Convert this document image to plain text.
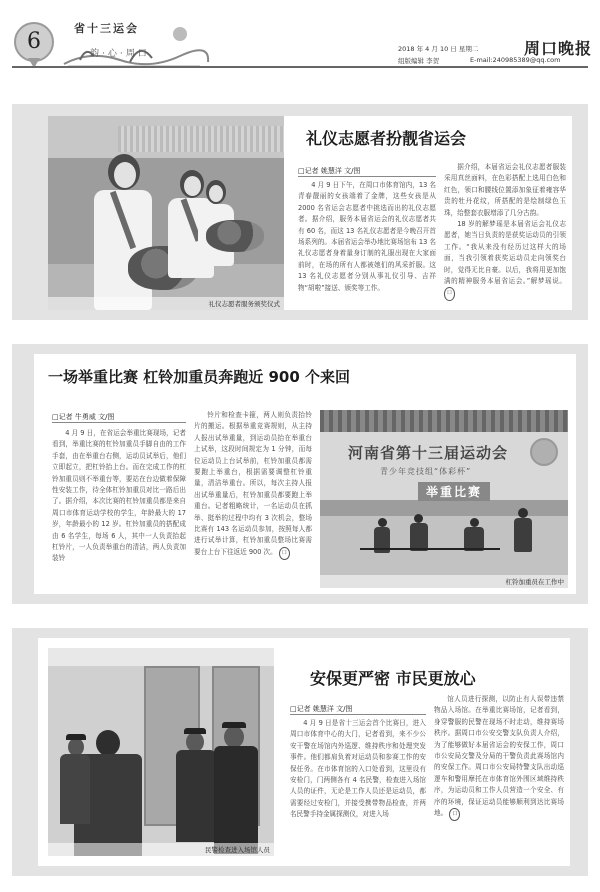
6
省十三运会
韵·心·周口	2018 年 4 月 10 日 星期二
组版编辑 李贺
周口晚报
E-mail:2409853​89@qq.com
礼仪志愿者服务颁奖仪式
礼仪志愿者扮靓省运会
□记者 姚慧洋 文/图

4 月 9 日下午，在周口市体育馆内，13 名青春靓丽的女孩端着了金牌，这些女孩是从 2000 名省运会志愿者中挑选而出的礼仪志愿者。据介绍，服务本届省运会的礼仪志愿者共有 60 名，而这 13 名礼仪志愿者是今晚召开首场系列的。本届省运会举办地比赛场馆布 13 名礼仪志愿者身着量身订制的礼服出现在大家面前时，在场的所有人都被她们的风采折服。这 13 名礼仪志愿者分别从事礼仪引导、吉祥物“胡啦”接送、颁奖等工作。

据介绍，本届省运会礼仪志愿者服装采用真丝面料，在色彩搭配上选用白色和红色，领口和腰线位置添加象征着雍容华贵的牡丹花纹，所搭配的是绘制绿色玉珠，给整套衣服增添了几分古韵。

18 岁的解梦瑶是本届省运会礼仪志愿者，她当日负责的是获奖运动员的引领工作。“我从来没有经历过这样大的场面，当我引领着获奖运动员走向领奖台时，觉得无比自豪。以后，我将用更加饱满的精神服务本届省运会。”解梦瑶说。 口

一场举重比赛 杠铃加重员奔跑近 900 个来回
□记者 牛勇威 文/图

4 月 9 日，在省运会举重比赛现场，记者看到，举重比赛的杠铃加重员手脚自由的工作手套，由在举重台右侧，运动员试举后，他们立即起立，把杠铃抬上台。而在完成工作的杠铃加重员则不举重台等，要站在台边做着保障性安装工作，待全体杠铃加重员对比一路后出了。据介绍，本次比赛的杠铃加重员都是来自周口市体育运动学校的学生，年龄最大的 17 岁，年龄最小的 12 岁。杠铃加重员的搭配成由 6 名学生，每场 6 人，其中一人负责抬起杠铃片，一人负责举重台的清洁，两人负责加装铃

铃片和检查卡箍，两人则负责抬铃片的搬运。根据举重竞赛规则，从主持人报出试举重量，到运动员抬在举重台上试举，这段时间规定为 1 分钟，而每位运动员上台试举前，杠铃加重员都需要跑上举重台，根据需要调整杠铃重量，清洁举重台。所以，每次主持人报出试举重量后，杠铃加重员都要跑上举重台。记者粗略统计，一名运动员在抓举、挺举的过程中均有 3 次机会，整场比赛有 143 名运动员参加，按照每人都进行试举计算，杠铃加重员整场比赛需要台上台下往返近 900 次。 口

河南省第十三届运动会
青少年竞技组“体彩杯”
举重比赛
杠铃加重员在工作中
民警检查进入场馆人员
安保更严密 市民更放心
□记者 姚慧洋 文/图

4 月 9 日是省十三运会首个比赛日，进入周口市体育中心的大门，记者看到，来不少公安干警在场馆内外巡逻、维持秩序和处理突发事件。他们都肩负着对运动员和参赛工作的安保任务。在市体育馆的入口处看到，这里设有安检门，门两侧各有 4 名民警，检查进入场馆人员的证件，无论是工作人员还是运动员，都需要经过安检门，并接受携带物品检查，并两名民警手持金属探测仪，对进入场

馆人员进行探测，以防止有人误带违禁物品入场馆。在举重比赛场馆，记者看到，身穿警服的民警在现场不时走动，维持赛场秩序。据周口市公安交警支队负责人介绍，为了能够做好本届省运会的安保工作，周口市公安局交警及分局的干警负责此赛场馆内的安保工作。周口市公安局特警支队出动巡逻车和警用摩托在市体育馆外围区域维持秩序，为运动员和工作人员营造一个安全、有序的环境，保证运动员能够顺利到达比赛场地。 口
